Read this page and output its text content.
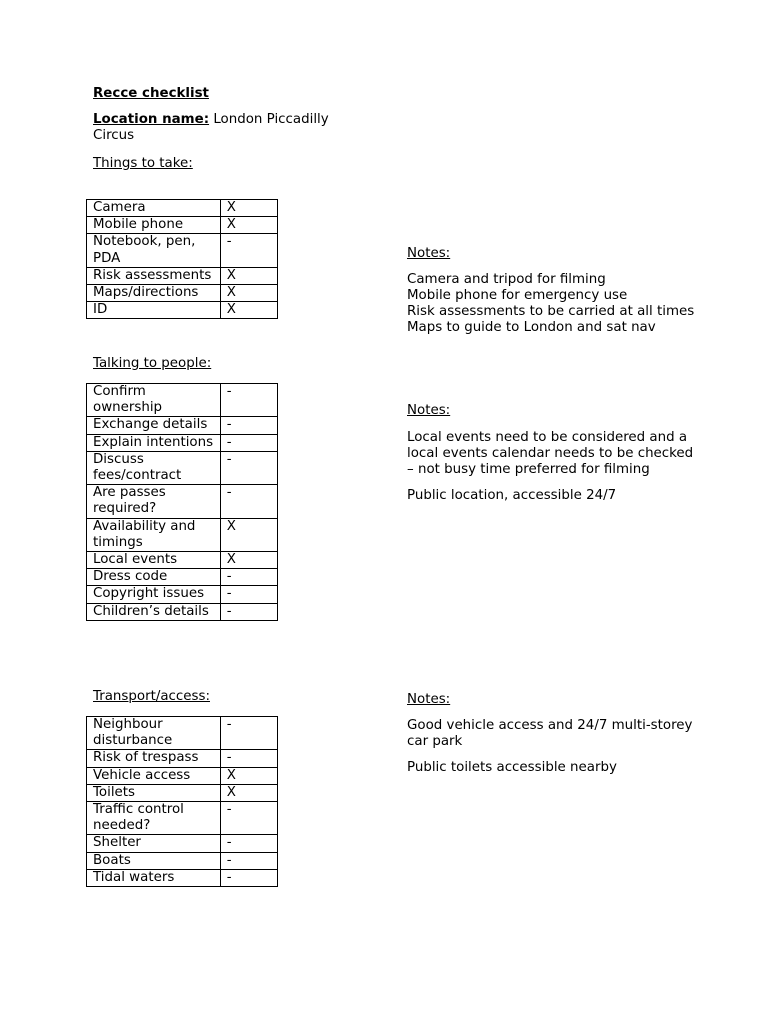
Recce checklist
Location name: London Piccadilly Circus
Things to take:
Camera	X
Mobile phone	X
Notebook, pen, PDA	-
Risk assessments	X
Maps/directions	X
ID	X
Notes:
Camera and tripod for filming
Mobile phone for emergency use
Risk assessments to be carried at all times
Maps to guide to London and sat nav
Talking to people:
Confirm ownership	-
Exchange details	-
Explain intentions	-
Discuss fees/contract	-
Are passes required?	-
Availability and timings	X
Local events	X
Dress code	-
Copyright issues	-
Children’s details	-
Notes:

Local events need to be considered and a local events calendar needs to be checked – not busy time preferred for filming

Public location, accessible 24/7

Transport/access:
Neighbour disturbance	-
Risk of trespass	-
Vehicle access	X
Toilets	X
Traffic control needed?	-
Shelter	-
Boats	-
Tidal waters	-
Notes:

Good vehicle access and 24/7 multi-storey car park

Public toilets accessible nearby
